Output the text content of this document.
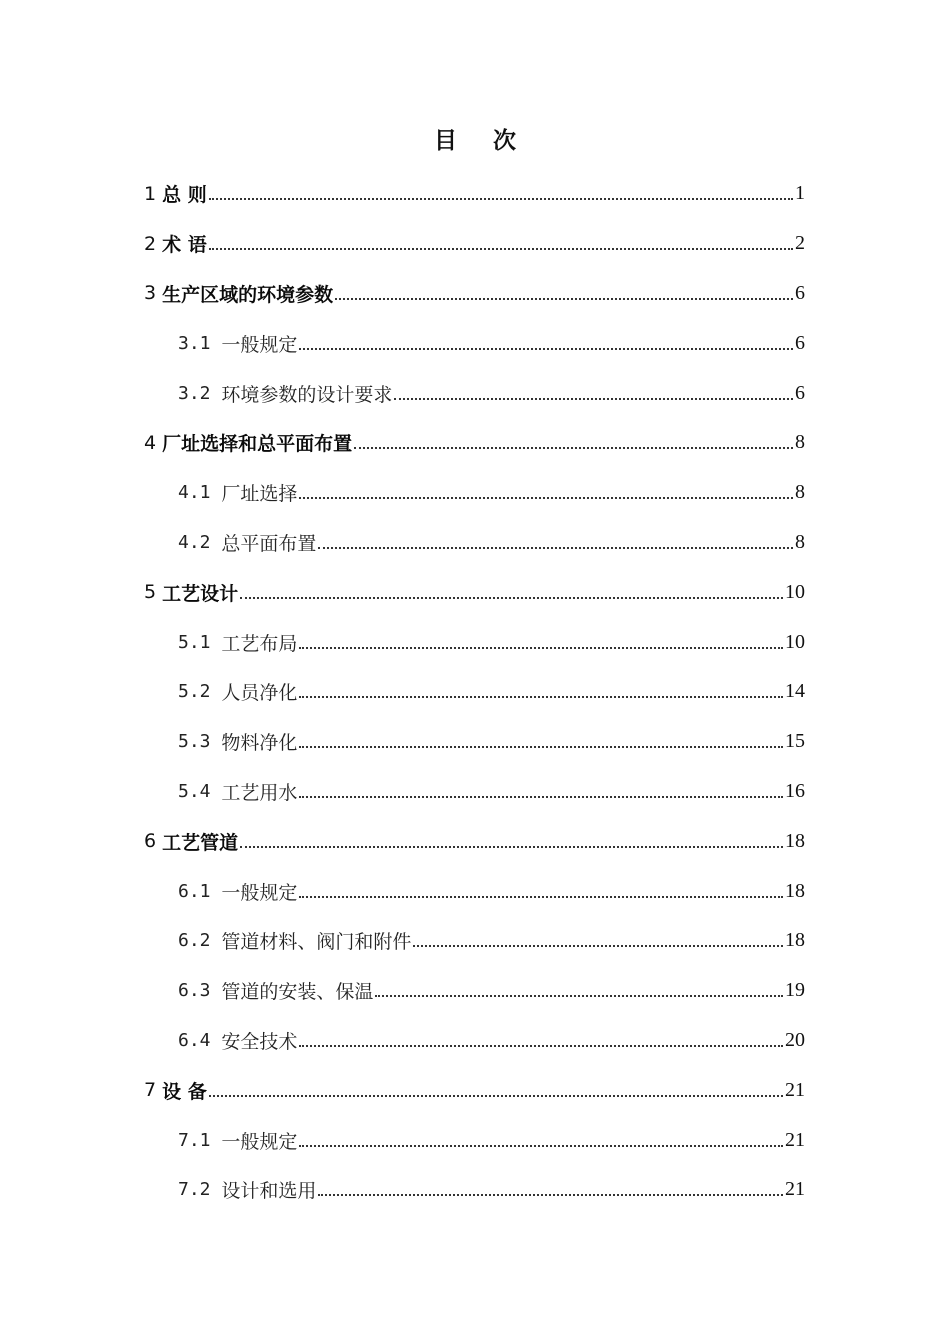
目 次
1 总 则	1
2 术 语	2
3 生产区域的环境参数	6
3.1 一般规定	6
3.2 环境参数的设计要求	6
4 厂址选择和总平面布置	8
4.1 厂址选择	8
4.2 总平面布置	8
5 工艺设计	10
5.1 工艺布局	10
5.2 人员净化	14
5.3 物料净化	15
5.4 工艺用水	16
6 工艺管道	18
6.1 一般规定	18
6.2 管道材料、阀门和附件	18
6.3 管道的安装、保温	19
6.4 安全技术	20
7 设 备	21
7.1 一般规定	21
7.2 设计和选用	21
